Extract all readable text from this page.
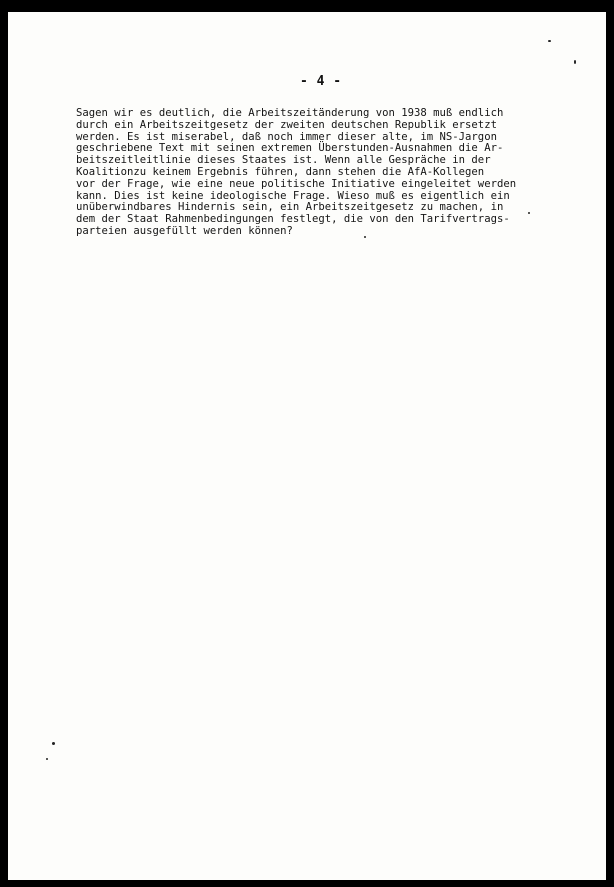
- 4 -
Sagen wir es deutlich, die Arbeitszeitänderung von 1938 muß endlich
durch ein Arbeitszeitgesetz der zweiten deutschen Republik ersetzt
werden. Es ist miserabel, daß noch immer dieser alte, im NS-Jargon
geschriebene Text mit seinen extremen Überstunden-Ausnahmen die Ar-
beitszeitleitlinie dieses Staates ist. Wenn alle Gespräche in der
Koalitionzu keinem Ergebnis führen, dann stehen die AfA-Kollegen
vor der Frage, wie eine neue politische Initiative eingeleitet werden
kann. Dies ist keine ideologische Frage. Wieso muß es eigentlich ein
unüberwindbares Hindernis sein, ein Arbeitszeitgesetz zu machen, in
dem der Staat Rahmenbedingungen festlegt, die von den Tarifvertrags-
parteien ausgefüllt werden können?
